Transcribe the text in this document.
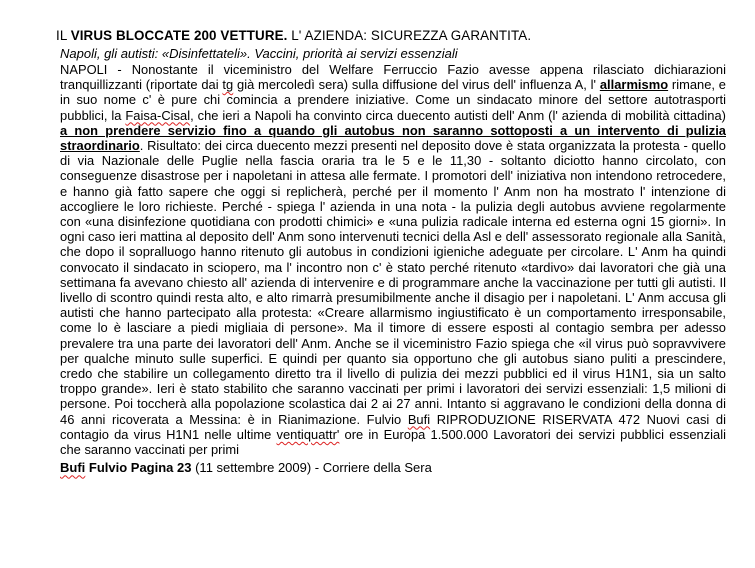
IL VIRUS BLOCCATE 200 VETTURE. L' AZIENDA: SICUREZZA GARANTITA.
Napoli, gli autisti: «Disinfettateli». Vaccini, priorità ai servizi essenziali
NAPOLI - Nonostante il viceministro del Welfare Ferruccio Fazio avesse appena rilasciato dichiarazioni tranquillizzanti (riportate dai tg già mercoledì sera) sulla diffusione del virus dell' influenza A, l' allarmismo rimane, e in suo nome c' è pure chi comincia a prendere iniziative. Come un sindacato minore del settore autotrasporti pubblici, la Faisa-Cisal, che ieri a Napoli ha convinto circa duecento autisti dell' Anm (l' azienda di mobilità cittadina) a non prendere servizio fino a quando gli autobus non saranno sottoposti a un intervento di pulizia straordinario. Risultato: dei circa duecento mezzi presenti nel deposito dove è stata organizzata la protesta - quello di via Nazionale delle Puglie nella fascia oraria tra le 5 e le 11,30 - soltanto diciotto hanno circolato, con conseguenze disastrose per i napoletani in attesa alle fermate. I promotori dell' iniziativa non intendono retrocedere, e hanno già fatto sapere che oggi si replicherà, perché per il momento l' Anm non ha mostrato l' intenzione di accogliere le loro richieste. Perché - spiega l' azienda in una nota - la pulizia degli autobus avviene regolarmente con «una disinfezione quotidiana con prodotti chimici» e «una pulizia radicale interna ed esterna ogni 15 giorni». In ogni caso ieri mattina al deposito dell' Anm sono intervenuti tecnici della Asl e dell' assessorato regionale alla Sanità, che dopo il sopralluogo hanno ritenuto gli autobus in condizioni igieniche adeguate per circolare. L' Anm ha quindi convocato il sindacato in sciopero, ma l' incontro non c' è stato perché ritenuto «tardivo» dai lavoratori che già una settimana fa avevano chiesto all' azienda di intervenire e di programmare anche la vaccinazione per tutti gli autisti. Il livello di scontro quindi resta alto, e alto rimarrà presumibilmente anche il disagio per i napoletani. L' Anm accusa gli autisti che hanno partecipato alla protesta: «Creare allarmismo ingiustificato è un comportamento irresponsabile, come lo è lasciare a piedi migliaia di persone». Ma il timore di essere esposti al contagio sembra per adesso prevalere tra una parte dei lavoratori dell' Anm. Anche se il viceministro Fazio spiega che «il virus può sopravvivere per qualche minuto sulle superfici. E quindi per quanto sia opportuno che gli autobus siano puliti a prescindere, credo che stabilire un collegamento diretto tra il livello di pulizia dei mezzi pubblici ed il virus H1N1, sia un salto troppo grande». Ieri è stato stabilito che saranno vaccinati per primi i lavoratori dei servizi essenziali: 1,5 milioni di persone. Poi toccherà alla popolazione scolastica dai 2 ai 27 anni. Intanto si aggravano le condizioni della donna di 46 anni ricoverata a Messina: è in Rianimazione. Fulvio Bufi RIPRODUZIONE RISERVATA 472 Nuovi casi di contagio da virus H1N1 nelle ultime ventiquattr' ore in Europa 1.500.000 Lavoratori dei servizi pubblici essenziali che saranno vaccinati per primi
Bufi Fulvio Pagina 23 (11 settembre 2009) - Corriere della Sera
